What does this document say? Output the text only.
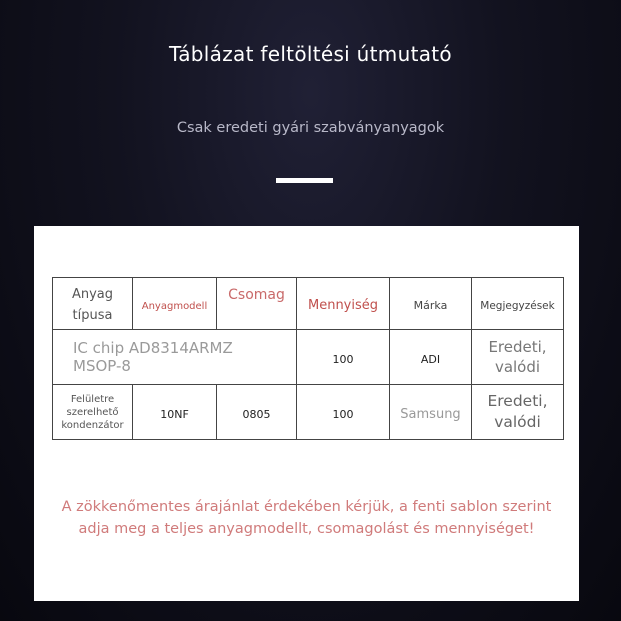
Táblázat feltöltési útmutató
Csak eredeti gyári szabványanyagok
Anyag típusa	Anyagmodell	Csomag	Mennyiség	Márka	Megjegyzések

IC chip AD8314ARMZ MSOP-8			100	ADI	Eredeti, valódi

Felületre szerelhető kondenzátor	10NF	0805	100	Samsung	Eredeti, valódi
A zökkenőmentes árajánlat érdekében kérjük, a fenti sablon szerint
adja meg a teljes anyagmodellt, csomagolást és mennyiséget!
